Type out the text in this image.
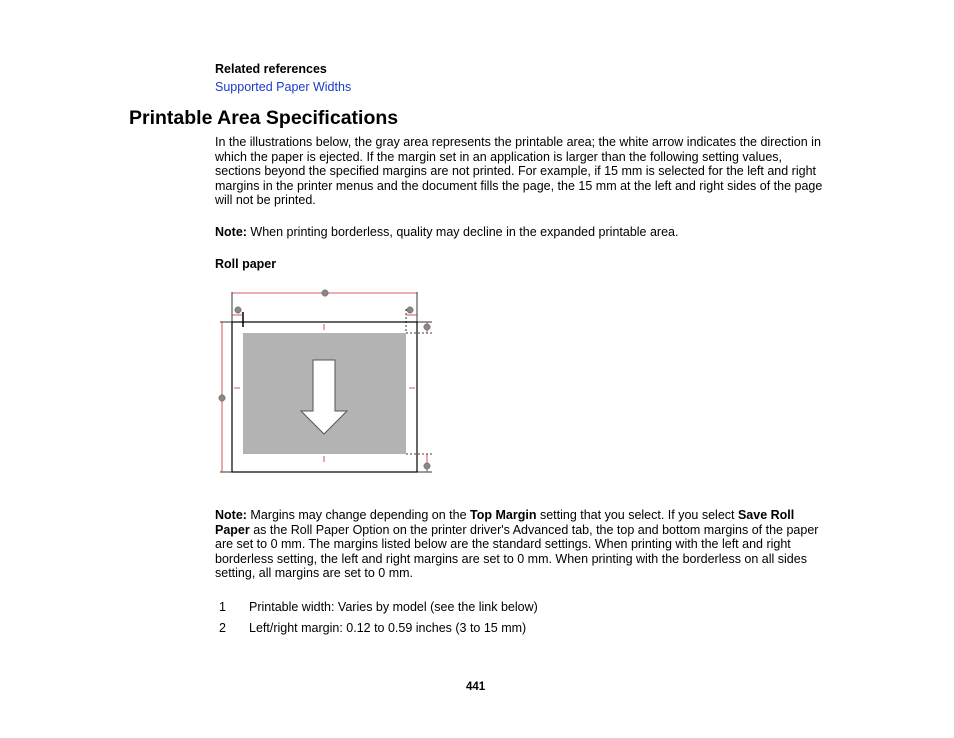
Related references
Supported Paper Widths
Printable Area Specifications
In the illustrations below, the gray area represents the printable area; the white arrow indicates the direction in which the paper is ejected. If the margin set in an application is larger than the following setting values, sections beyond the specified margins are not printed. For example, if 15 mm is selected for the left and right margins in the printer menus and the document fills the page, the 15 mm at the left and right sides of the page will not be printed.
Note: When printing borderless, quality may decline in the expanded printable area.
Roll paper
Note: Margins may change depending on the Top Margin setting that you select. If you select Save Roll Paper as the Roll Paper Option on the printer driver's Advanced tab, the top and bottom margins of the paper are set to 0 mm. The margins listed below are the standard settings. When printing with the left and right borderless setting, the left and right margins are set to 0 mm. When printing with the borderless on all sides setting, all margins are set to 0 mm.
1 Printable width: Varies by model (see the link below)
2 Left/right margin: 0.12 to 0.59 inches (3 to 15 mm)
441
